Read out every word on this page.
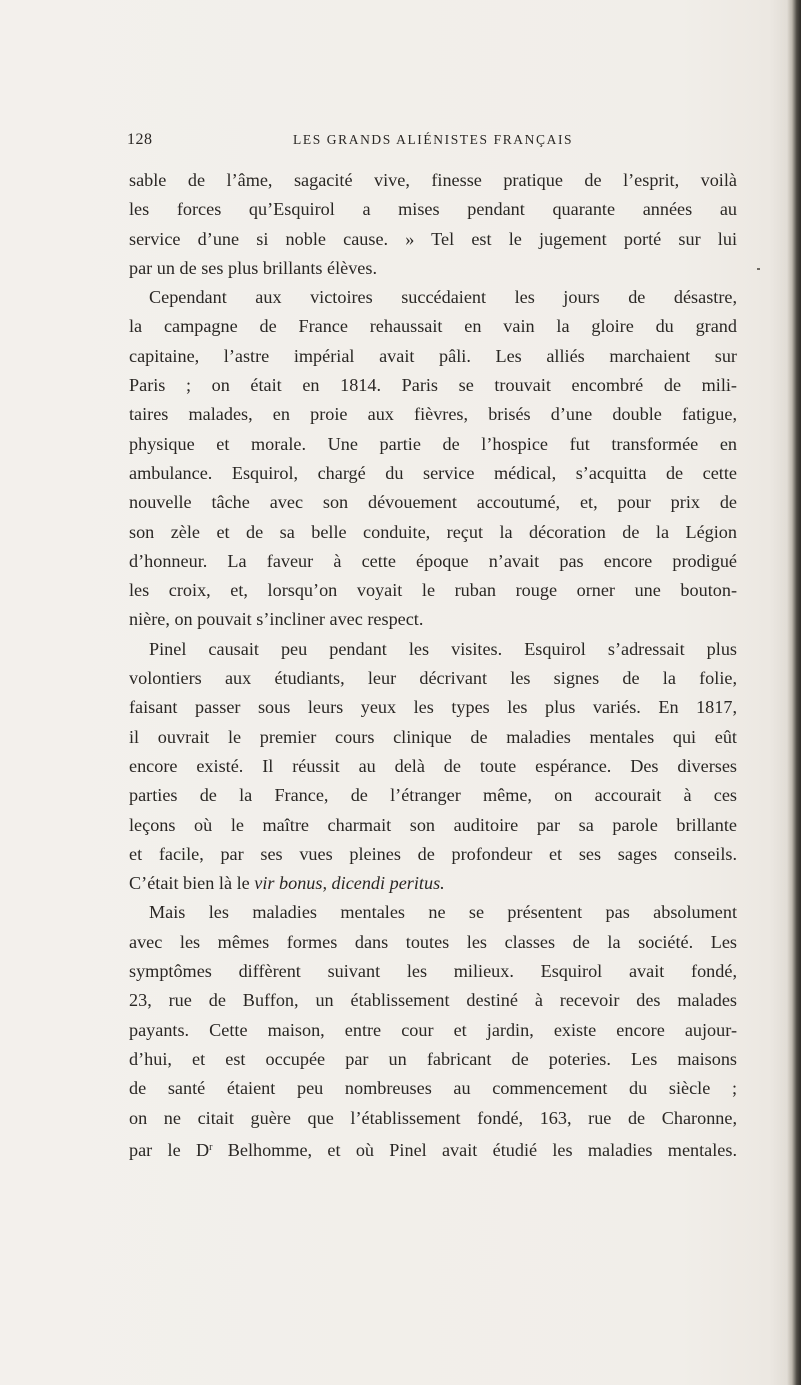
128	LES GRANDS ALIÉNISTES FRANÇAIS
sable de l’âme, sagacité vive, finesse pratique de l’esprit, voilà
les forces qu’Esquirol a mises pendant quarante années au
service d’une si noble cause. » Tel est le jugement porté sur lui
par un de ses plus brillants élèves.
Cependant aux victoires succédaient les jours de désastre,
la campagne de France rehaussait en vain la gloire du grand
capitaine, l’astre impérial avait pâli. Les alliés marchaient sur
Paris ; on était en 1814. Paris se trouvait encombré de mili-
taires malades, en proie aux fièvres, brisés d’une double fatigue,
physique et morale. Une partie de l’hospice fut transformée en
ambulance. Esquirol, chargé du service médical, s’acquitta de cette
nouvelle tâche avec son dévouement accoutumé, et, pour prix de
son zèle et de sa belle conduite, reçut la décoration de la Légion
d’honneur. La faveur à cette époque n’avait pas encore prodigué
les croix, et, lorsqu’on voyait le ruban rouge orner une bouton-
nière, on pouvait s’incliner avec respect.
Pinel causait peu pendant les visites. Esquirol s’adressait plus
volontiers aux étudiants, leur décrivant les signes de la folie,
faisant passer sous leurs yeux les types les plus variés. En 1817,
il ouvrait le premier cours clinique de maladies mentales qui eût
encore existé. Il réussit au delà de toute espérance. Des diverses
parties de la France, de l’étranger même, on accourait à ces
leçons où le maître charmait son auditoire par sa parole brillante
et facile, par ses vues pleines de profondeur et ses sages conseils.
C’était bien là le vir bonus, dicendi peritus.
Mais les maladies mentales ne se présentent pas absolument
avec les mêmes formes dans toutes les classes de la société. Les
symptômes diffèrent suivant les milieux. Esquirol avait fondé,
23, rue de Buffon, un établissement destiné à recevoir des malades
payants. Cette maison, entre cour et jardin, existe encore aujour-
d’hui, et est occupée par un fabricant de poteries. Les maisons
de santé étaient peu nombreuses au commencement du siècle ;
on ne citait guère que l’établissement fondé, 163, rue de Charonne,
par le $D^r$ Belhomme, et où Pinel avait étudié les maladies mentales.
